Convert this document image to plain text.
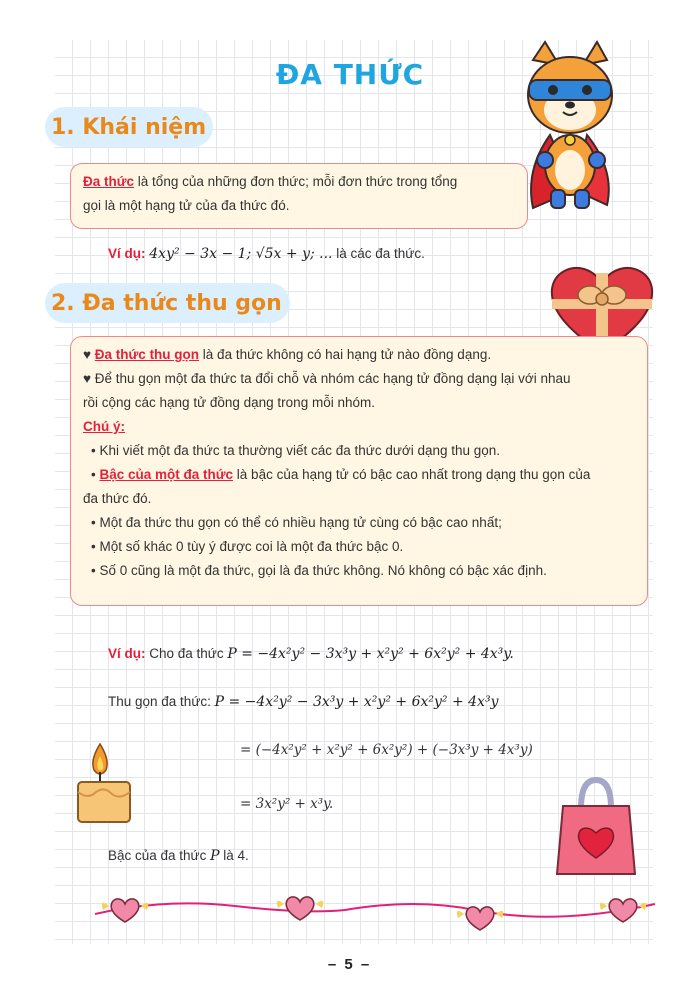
ĐA THỨC
1. Khái niệm
Đa thức là tổng của những đơn thức; mỗi đơn thức trong tổng
gọi là một hạng tử của đa thức đó.
Ví dụ: 4xy² − 3x − 1; √5x + y; ... là các đa thức.
2. Đa thức thu gọn
♥ Đa thức thu gọn là đa thức không có hai hạng tử nào đồng dạng.
♥ Để thu gọn một đa thức ta đổi chỗ và nhóm các hạng tử đồng dạng lại với nhau
rồi cộng các hạng tử đồng dạng trong mỗi nhóm.
Chú ý:
• Khi viết một đa thức ta thường viết các đa thức dưới dạng thu gọn.
• Bậc của một đa thức là bậc của hạng tử có bậc cao nhất trong dạng thu gọn của
đa thức đó.
• Một đa thức thu gọn có thể có nhiều hạng tử cùng có bậc cao nhất;
• Một số khác 0 tùy ý được coi là một đa thức bậc 0.
• Số 0 cũng là một đa thức, gọi là đa thức không. Nó không có bậc xác định.
Ví dụ: Cho đa thức P = −4x²y² − 3x³y + x²y² + 6x²y² + 4x³y.
Thu gọn đa thức: P = −4x²y² − 3x³y + x²y² + 6x²y² + 4x³y
= (−4x²y² + x²y² + 6x²y²) + (−3x³y + 4x³y)
= 3x²y² + x³y.
Bậc của đa thức P là 4.
– 5 –
